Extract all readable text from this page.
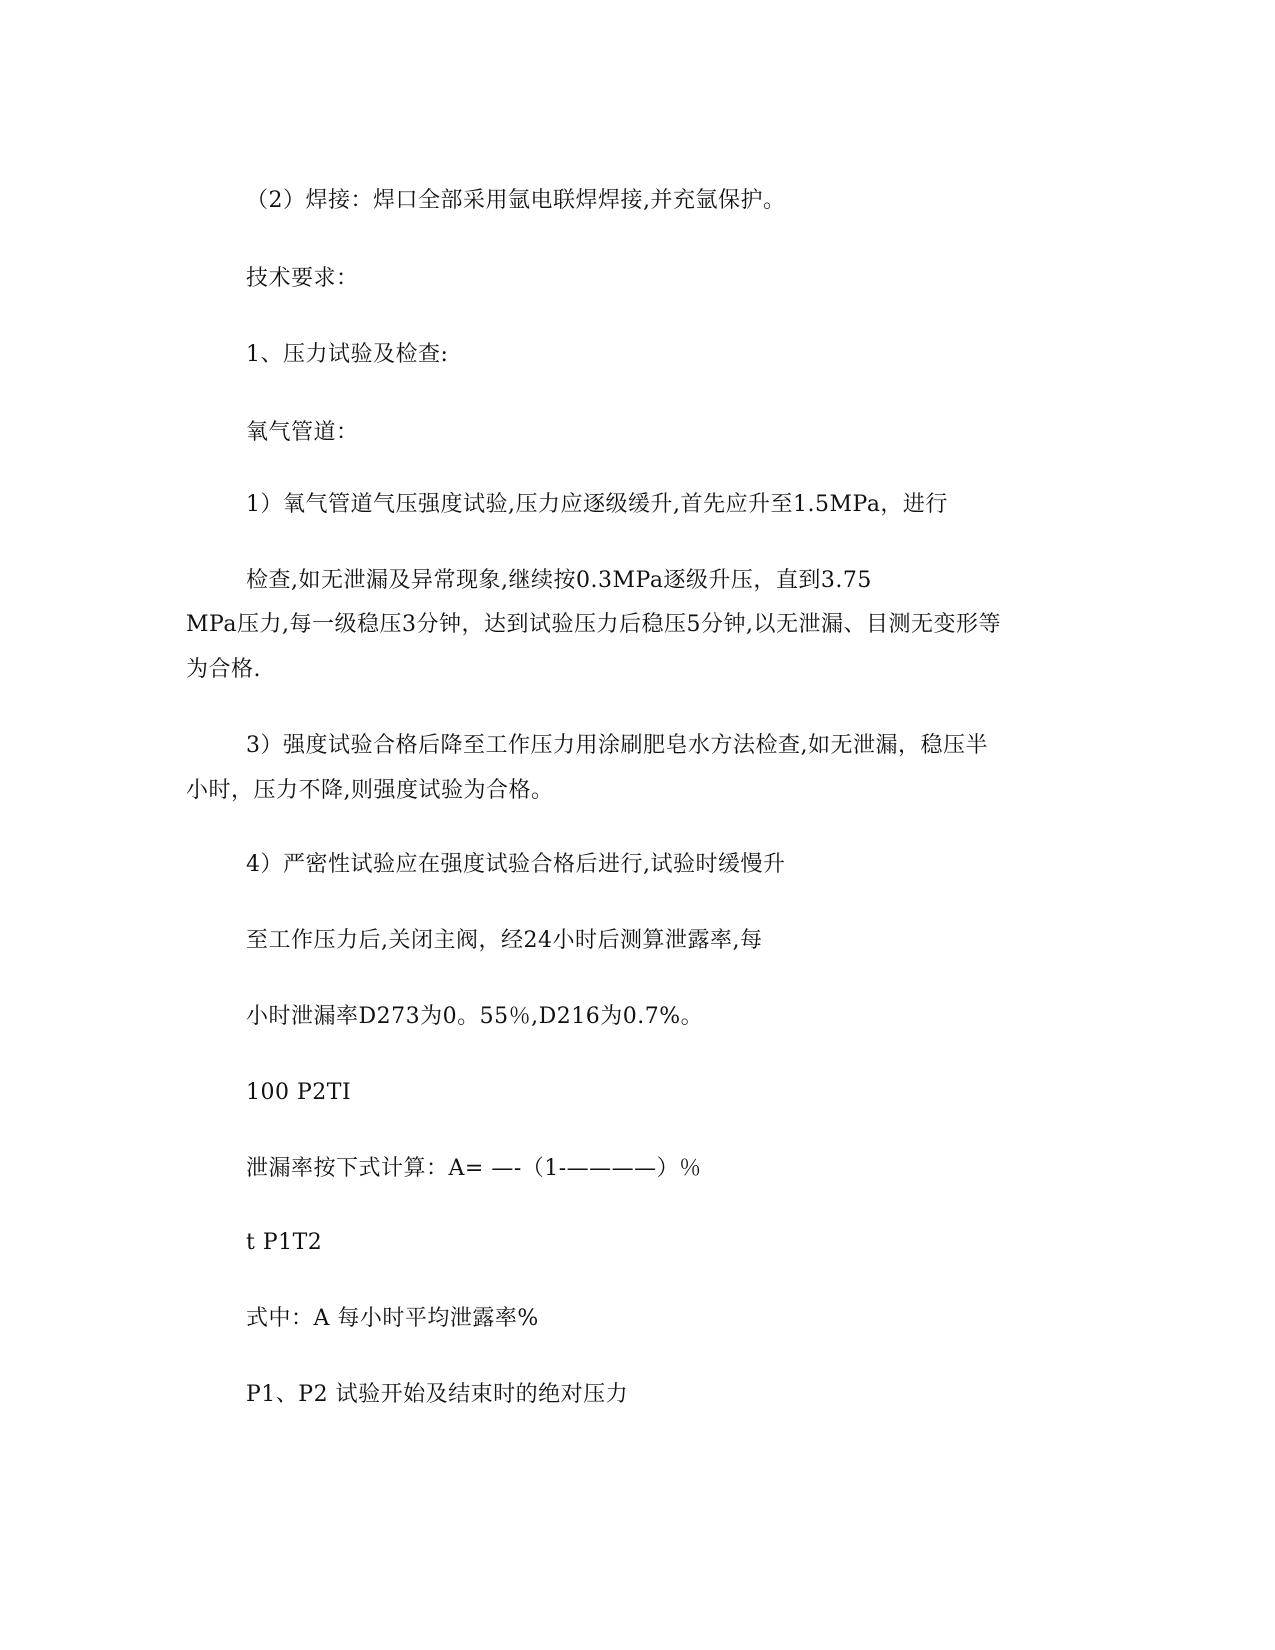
（2）焊接：焊口全部采用氩电联焊焊接,并充氩保护。
技术要求：
1、压力试验及检查:
氧气管道：
1）氧气管道气压强度试验,压力应逐级缓升,首先应升至1.5MPa，进行
检查,如无泄漏及异常现象,继续按0.3MPa逐级升压，直到3.75
MPa压力,每一级稳压3分钟，达到试验压力后稳压5分钟,以无泄漏、目测无变形等
为合格.
3）强度试验合格后降至工作压力用涂刷肥皂水方法检查,如无泄漏，稳压半
小时，压力不降,则强度试验为合格。
4）严密性试验应在强度试验合格后进行,试验时缓慢升
至工作压力后,关闭主阀，经24小时后测算泄露率,每
小时泄漏率D273为0。55％,D216为0.7%。
100 P2TI
泄漏率按下式计算：A= —-（1-————）％
t P1T2
式中：A 每小时平均泄露率%
P1、P2 试验开始及结束时的绝对压力
